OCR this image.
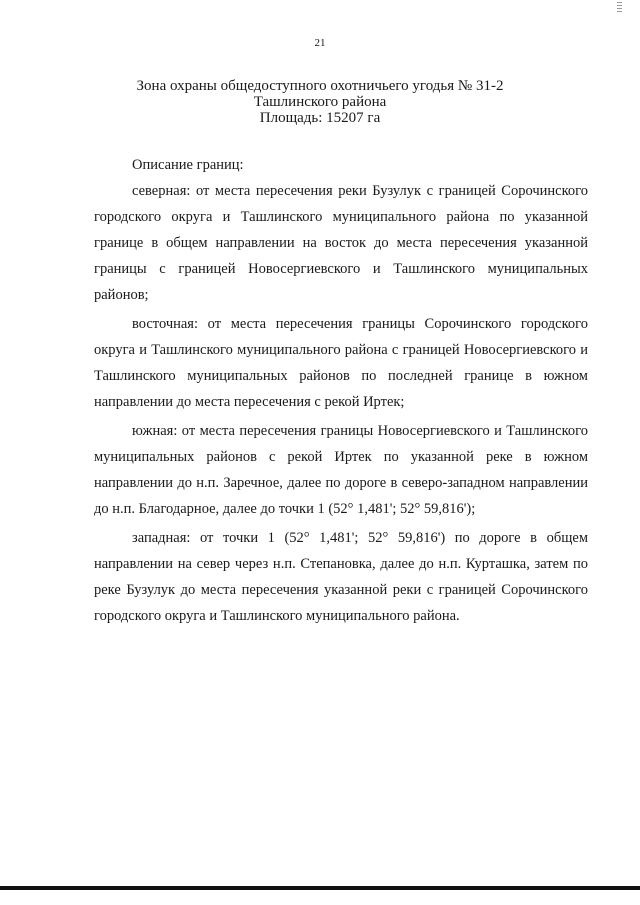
21
Зона охраны общедоступного охотничьего угодья № 31-2
Ташлинского района
Площадь: 15207 га

Описание границ:

северная: от места пересечения реки Бузулук с границей Сорочинского городского округа и Ташлинского муниципального района по указанной границе в общем направлении на восток до места пересечения указанной границы с границей Новосергиевского и Ташлинского муниципальных районов;

восточная: от места пересечения границы Сорочинского городского округа и Ташлинского муниципального района с границей Новосергиевского и Ташлинского муниципальных районов по последней границе в южном направлении до места пересечения с рекой Иртек;

южная: от места пересечения границы Новосергиевского и Ташлинского муниципальных районов с рекой Иртек по указанной реке в южном направлении до н.п. Заречное, далее по дороге в северо-западном направлении до н.п. Благодарное, далее до точки 1 (52° 1,481'; 52° 59,816');

западная: от точки 1 (52° 1,481'; 52° 59,816') по дороге в общем направлении на север через н.п. Степановка, далее до н.п. Курташка, затем по реке Бузулук до места пересечения указанной реки с границей Сорочинского городского округа и Ташлинского муниципального района.
